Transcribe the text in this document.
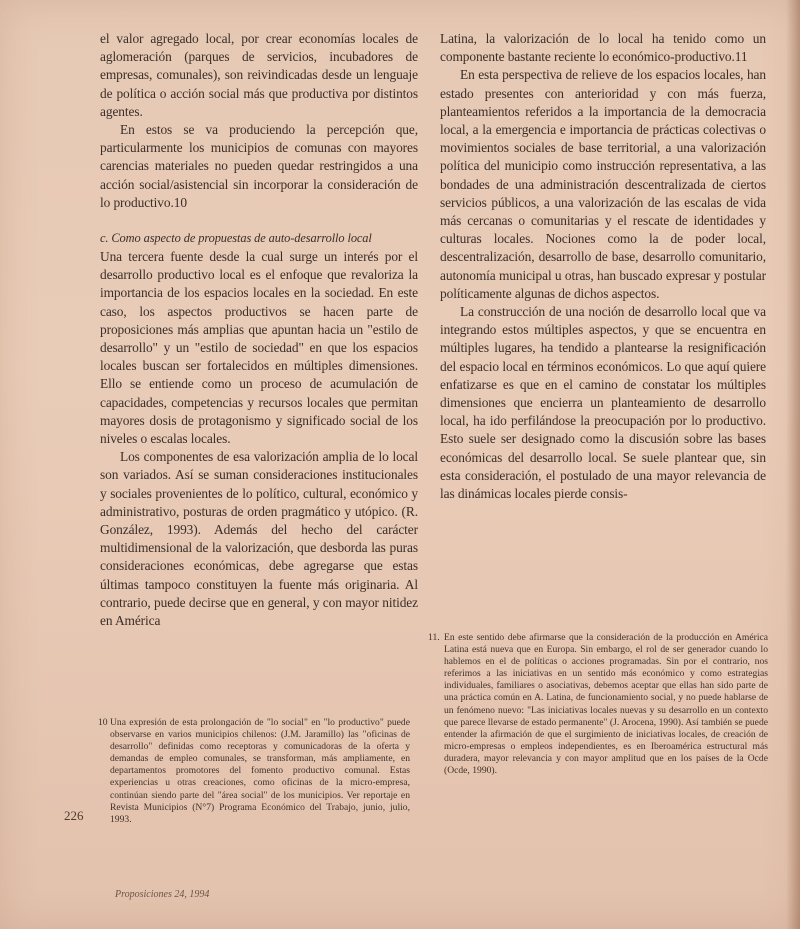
el valor agregado local, por crear economías locales de aglomeración (parques de servicios, incubadores de empresas, comunales), son reivindicadas desde un lenguaje de política o acción social más que productiva por distintos agentes.

En estos se va produciendo la percepción que, particularmente los municipios de comunas con mayores carencias materiales no pueden quedar restringidos a una acción social/asistencial sin incorporar la consideración de lo productivo.10

c. Como aspecto de propuestas de auto-desarrollo local

Una tercera fuente desde la cual surge un interés por el desarrollo productivo local es el enfoque que revaloriza la importancia de los espacios locales en la sociedad. En este caso, los aspectos productivos se hacen parte de proposiciones más amplias que apuntan hacia un "estilo de desarrollo" y un "estilo de sociedad" en que los espacios locales buscan ser fortalecidos en múltiples dimensiones. Ello se entiende como un proceso de acumulación de capacidades, competencias y recursos locales que permitan mayores dosis de protagonismo y significado social de los niveles o escalas locales.

Los componentes de esa valorización amplia de lo local son variados. Así se suman consideraciones institucionales y sociales provenientes de lo político, cultural, económico y administrativo, posturas de orden pragmático y utópico. (R. González, 1993). Además del hecho del carácter multidimensional de la valorización, que desborda las puras consideraciones económicas, debe agregarse que estas últimas tampoco constituyen la fuente más originaria. Al contrario, puede decirse que en general, y con mayor nitidez en América

Latina, la valorización de lo local ha tenido como un componente bastante reciente lo económico-productivo.11

En esta perspectiva de relieve de los espacios locales, han estado presentes con anterioridad y con más fuerza, planteamientos referidos a la importancia de la democracia local, a la emergencia e importancia de prácticas colectivas o movimientos sociales de base territorial, a una valorización política del municipio como instrucción representativa, a las bondades de una administración descentralizada de ciertos servicios públicos, a una valorización de las escalas de vida más cercanas o comunitarias y el rescate de identidades y culturas locales. Nociones como la de poder local, descentralización, desarrollo de base, desarrollo comunitario, autonomía municipal u otras, han buscado expresar y postular políticamente algunas de dichos aspectos.

La construcción de una noción de desarrollo local que va integrando estos múltiples aspectos, y que se encuentra en múltiples lugares, ha tendido a plantearse la resignificación del espacio local en términos económicos. Lo que aquí quiere enfatizarse es que en el camino de constatar los múltiples dimensiones que encierra un planteamiento de desarrollo local, ha ido perfilándose la preocupación por lo productivo. Esto suele ser designado como la discusión sobre las bases económicas del desarrollo local. Se suele plantear que, sin esta consideración, el postulado de una mayor relevancia de las dinámicas locales pierde consis-

10 Una expresión de esta prolongación de "lo social" en "lo productivo" puede observarse en varios municipios chilenos: (J.M. Jaramillo) las "oficinas de desarrollo" definidas como receptoras y comunicadoras de la oferta y demandas de empleo comunales, se transforman, más ampliamente, en departamentos promotores del fomento productivo comunal. Estas experiencias u otras creaciones, como oficinas de la micro-empresa, continúan siendo parte del "área social" de los municipios. Ver reportaje en Revista Municipios (N°7) Programa Económico del Trabajo, junio, julio, 1993.
11. En este sentido debe afirmarse que la consideración de la producción en América Latina está nueva que en Europa. Sin embargo, el rol de ser generador cuando lo hablemos en el de políticas o acciones programadas. Sin por el contrario, nos referimos a las iniciativas en un sentido más económico y como estrategias individuales, familiares o asociativas, debemos aceptar que ellas han sido parte de una práctica común en A. Latina, de funcionamiento social, y no puede hablarse de un fenómeno nuevo: "Las iniciativas locales nuevas y su desarrollo en un contexto que parece llevarse de estado permanente" (J. Arocena, 1990). Así también se puede entender la afirmación de que el surgimiento de iniciativas locales, de creación de micro-empresas o empleos independientes, es en Iberoamérica estructural más duradera, mayor relevancia y con mayor amplitud que en los países de la Ocde (Ocde, 1990).
226
Proposiciones 24, 1994
